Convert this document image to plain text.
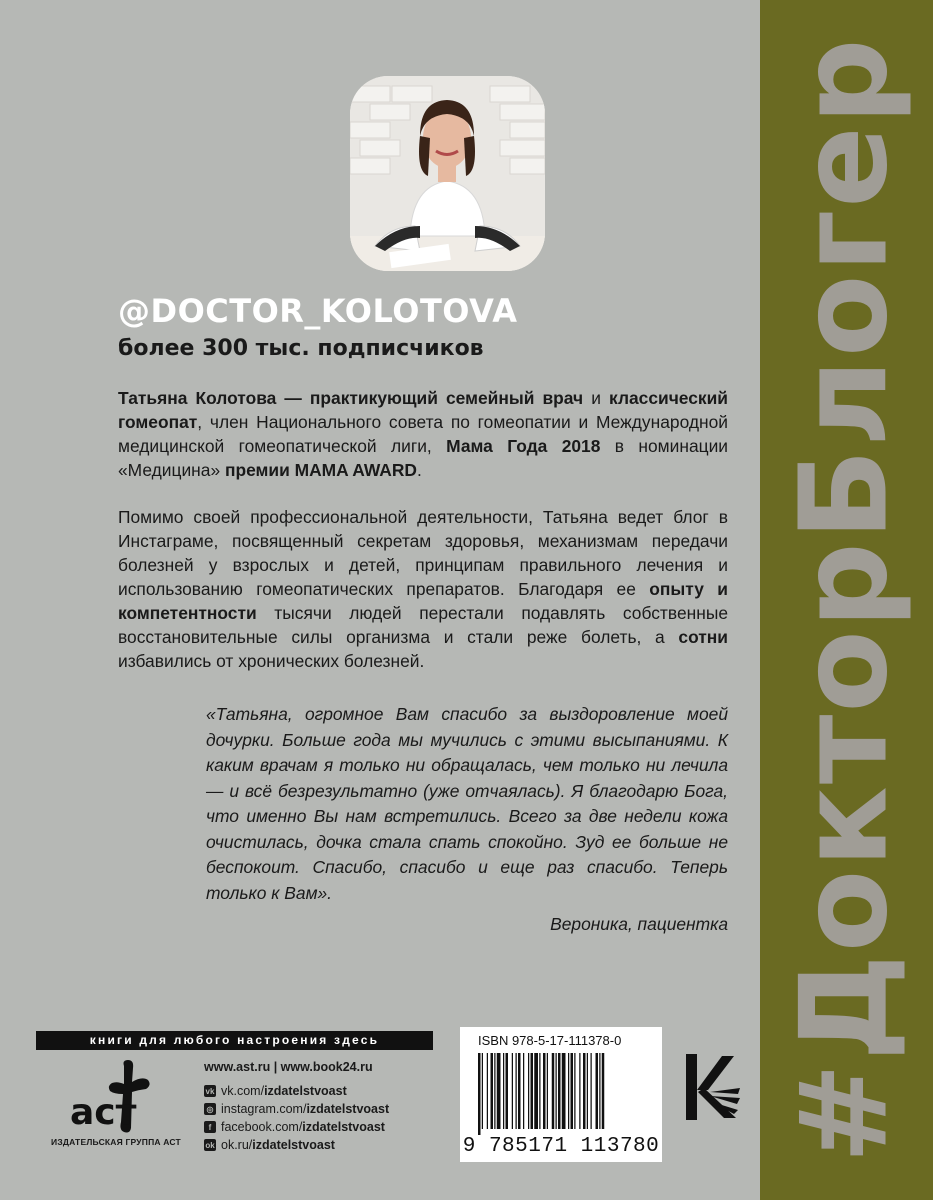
#ДокторБлогер
@DOCTOR_KOLOTOVA
более 300 тыс. подписчиков

Татьяна Колотова — практикующий семейный врач и классический гомеопат, член Национального совета по гомеопатии и Международной медицинской гомеопатической лиги, Мама Года 2018 в номинации «Медицина» премии MAMA AWARD.

Помимо своей профессиональной деятельности, Татьяна ведет блог в Инстаграме, посвященный секретам здоровья, механизмам передачи болезней у взрослых и детей, принципам правильного лечения и использованию гомеопатических препаратов. Благодаря ее опыту и компетентности тысячи людей перестали подавлять собственные восстановительные силы организма и стали реже болеть, а сотни избавились от хронических болезней.

«Татьяна, огромное Вам спасибо за выздоровление моей дочурки. Больше года мы мучились с этими высыпаниями. К каким врачам я только ни обращалась, чем только ни лечила — и всё безрезультатно (уже отчаялась). Я благодарю Бога, что именно Вы нам встретились. Всего за две недели кожа очистилась, дочка стала спать спокойно. Зуд ее больше не беспокоит. Спасибо, спасибо и еще раз спасибо. Теперь только к Вам».

Вероника, пациентка
книги для любого настроения здесь
аст
ИЗДАТЕЛЬСКАЯ ГРУППА АСТ
www.ast.ru | www.book24.ru
vk vk.com/ izdatelstvoast
◎ instagram.com/ izdatelstvoast
f facebook.com/ izdatelstvoast
ok ok.ru/ izdatelstvoast
ISBN 978-5-17-111378-0
9 785171 113780
